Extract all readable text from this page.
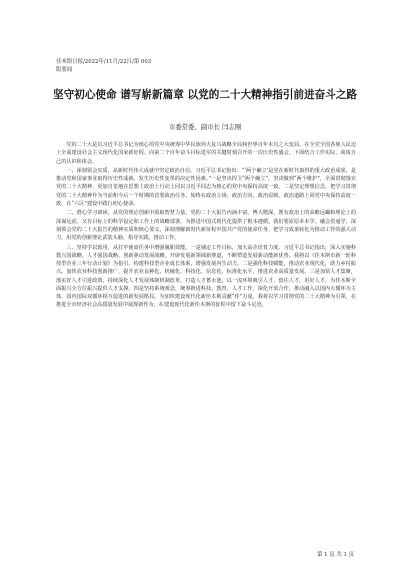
佳木斯日报/2022年/11月/22日/第 003
版要闻
坚守初心使命 谱写崭新篇章 以党的二十大精神指引前进奋斗之路
市委常委、副市长 闫志刚

党的二十大是以习近平总书记为核心的党中央统筹中华民族伟大复兴战略全局和世界百年未有之大变局、在全党全国各族人民迈上全面建设社会主义现代化国家新征程、向第二个百年奋斗目标进军的关键时刻召开的一次历史性盛会。下面结合工作实际，谈谈自己的认识和体会。

一、深刻领会实质，从新时代伟大成就中坚定政治自信。习近平总书记指出：“‘两个确立’是党在新时代取得的重大政治成果，是推动党和国家事业取得历史性成就、发生历史性变革的决定性因素。”一是坚决捍卫“两个确立”，坚决做到“两个维护”，全面贯彻落实党的二十大精神，更加自觉地在思想上政治上行动上同以习近平同志为核心的党中央保持高度一致。二是坚定理想信念，把学习贯彻党的二十大精神作为当前和今后一个时期的首要政治任务，始终在政治立场、政治方向、政治原则、政治道路上同党中央保持高度一致，在“六区”建设中践行初心使命。

二、潜心学习研读，从党的理论创新中汲取智慧力量。党的二十大报告内涵丰富、博大精深，既有政治上的高瞻远瞩和理论上的深谋远虑，又有目标上的科学设定和工作上的战略部署，为推进中国式现代化提供了根本遵循。我们要原原本本学、融会贯通学，深刻领会党的二十大报告的精神实质和核心要义，深刻理解新时代新征程中国共产党的使命任务，把学习成果转化为推动工作的强大动力，用党的创新理论武装头脑、指导实践、推动工作。

三、坚持学以致用，从扛牢使命任务中增强履职效能。一是铺定工作目标，加大高企培育力度。习近平总书记指出，深入实施科教兴国战略、人才强国战略、创新驱动发展战略，开辟发展新领域新赛道，不断塑造发展新动能新优势。我将以《佳木斯市新一轮科技型企业三年行动计划》为指引，构建科技型企业成长体系，增强发展内生动力。二是强化科技赋能，推动农业现代化，助力乡村振兴。加快农业科技创新推广，提升农业良种化、机械化、科技化、信息化、标准化水平，推进农业高质量发展。三是加快人才集聚，落实好人才引进政策，持续深化人才发展体制机制改革，打造人才蓄水池，以一流环境吸引人才、留住人才、用好人才，为佳木斯全面振兴全方位振兴提供人才支撑。四是坚持系统观念，统筹推进科技、教育、人才工作，深化开放合作，推动融入以国内大循环为主体、国内国际双循环相互促进的新发展格局，为加快建设现代化新佳木斯贡献“佳”力量。我将以学习贯彻党的二十大精神为引领，在推进全市经济社会高质量发展中展现新作为，在建设现代化新佳木斯的征程中留下奋斗足迹。

第 1 页 共 1 页
